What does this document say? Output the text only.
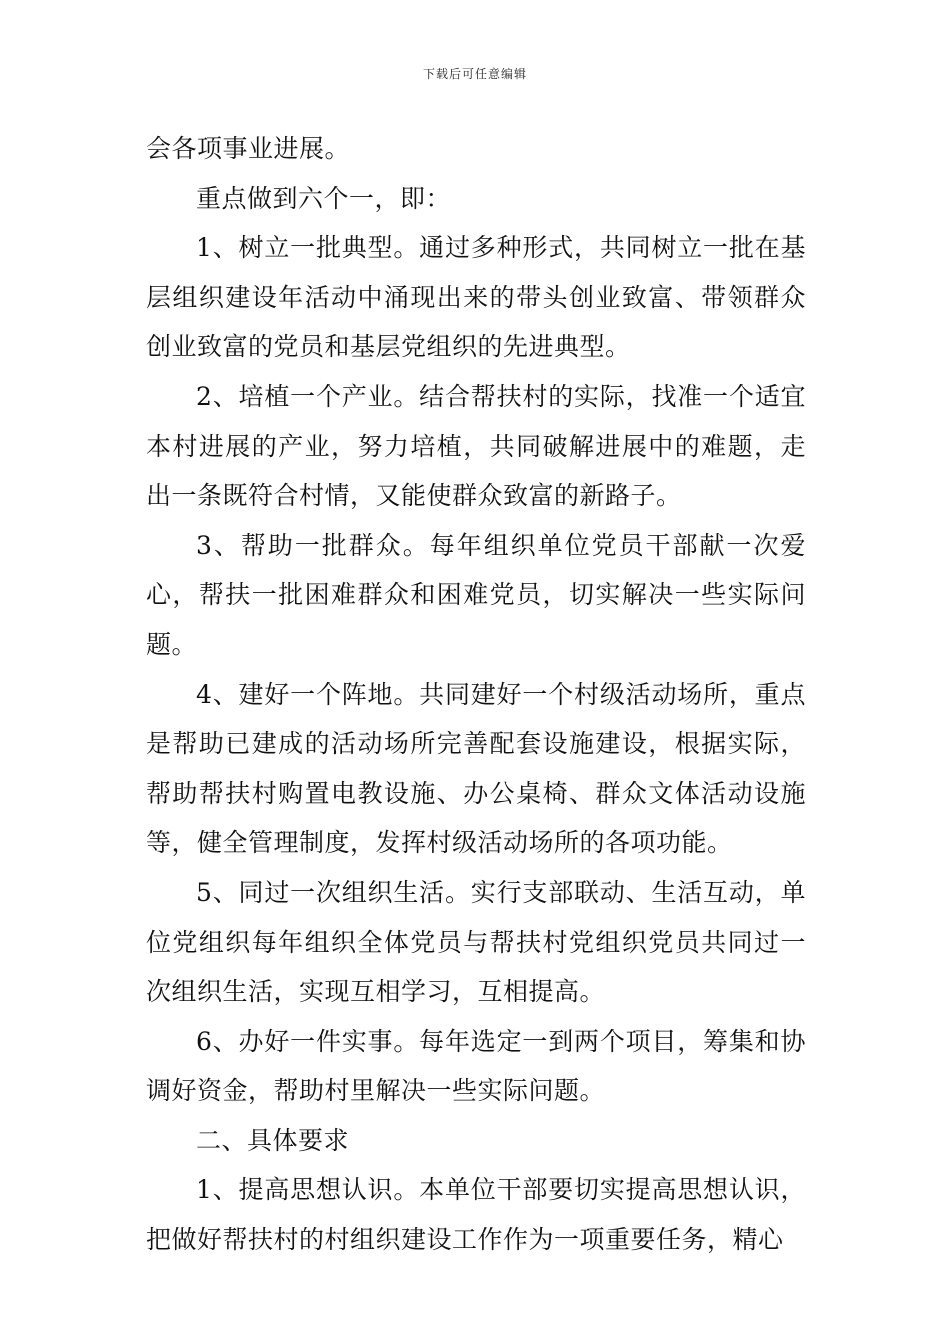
下载后可任意编辑

会各项事业进展。

重点做到六个一，即：

1、树立一批典型。通过多种形式，共同树立一批在基层组织建设年活动中涌现出来的带头创业致富、带领群众创业致富的党员和基层党组织的先进典型。

2、培植一个产业。结合帮扶村的实际，找准一个适宜本村进展的产业，努力培植，共同破解进展中的难题，走出一条既符合村情，又能使群众致富的新路子。

3、帮助一批群众。每年组织单位党员干部献一次爱心，帮扶一批困难群众和困难党员，切实解决一些实际问题。

4、建好一个阵地。共同建好一个村级活动场所，重点是帮助已建成的活动场所完善配套设施建设，根据实际，帮助帮扶村购置电教设施、办公桌椅、群众文体活动设施等，健全管理制度，发挥村级活动场所的各项功能。

5、同过一次组织生活。实行支部联动、生活互动，单位党组织每年组织全体党员与帮扶村党组织党员共同过一次组织生活，实现互相学习，互相提高。

6、办好一件实事。每年选定一到两个项目，筹集和协调好资金，帮助村里解决一些实际问题。

二、具体要求

1、提高思想认识。本单位干部要切实提高思想认识，把做好帮扶村的村组织建设工作作为一项重要任务，精心
